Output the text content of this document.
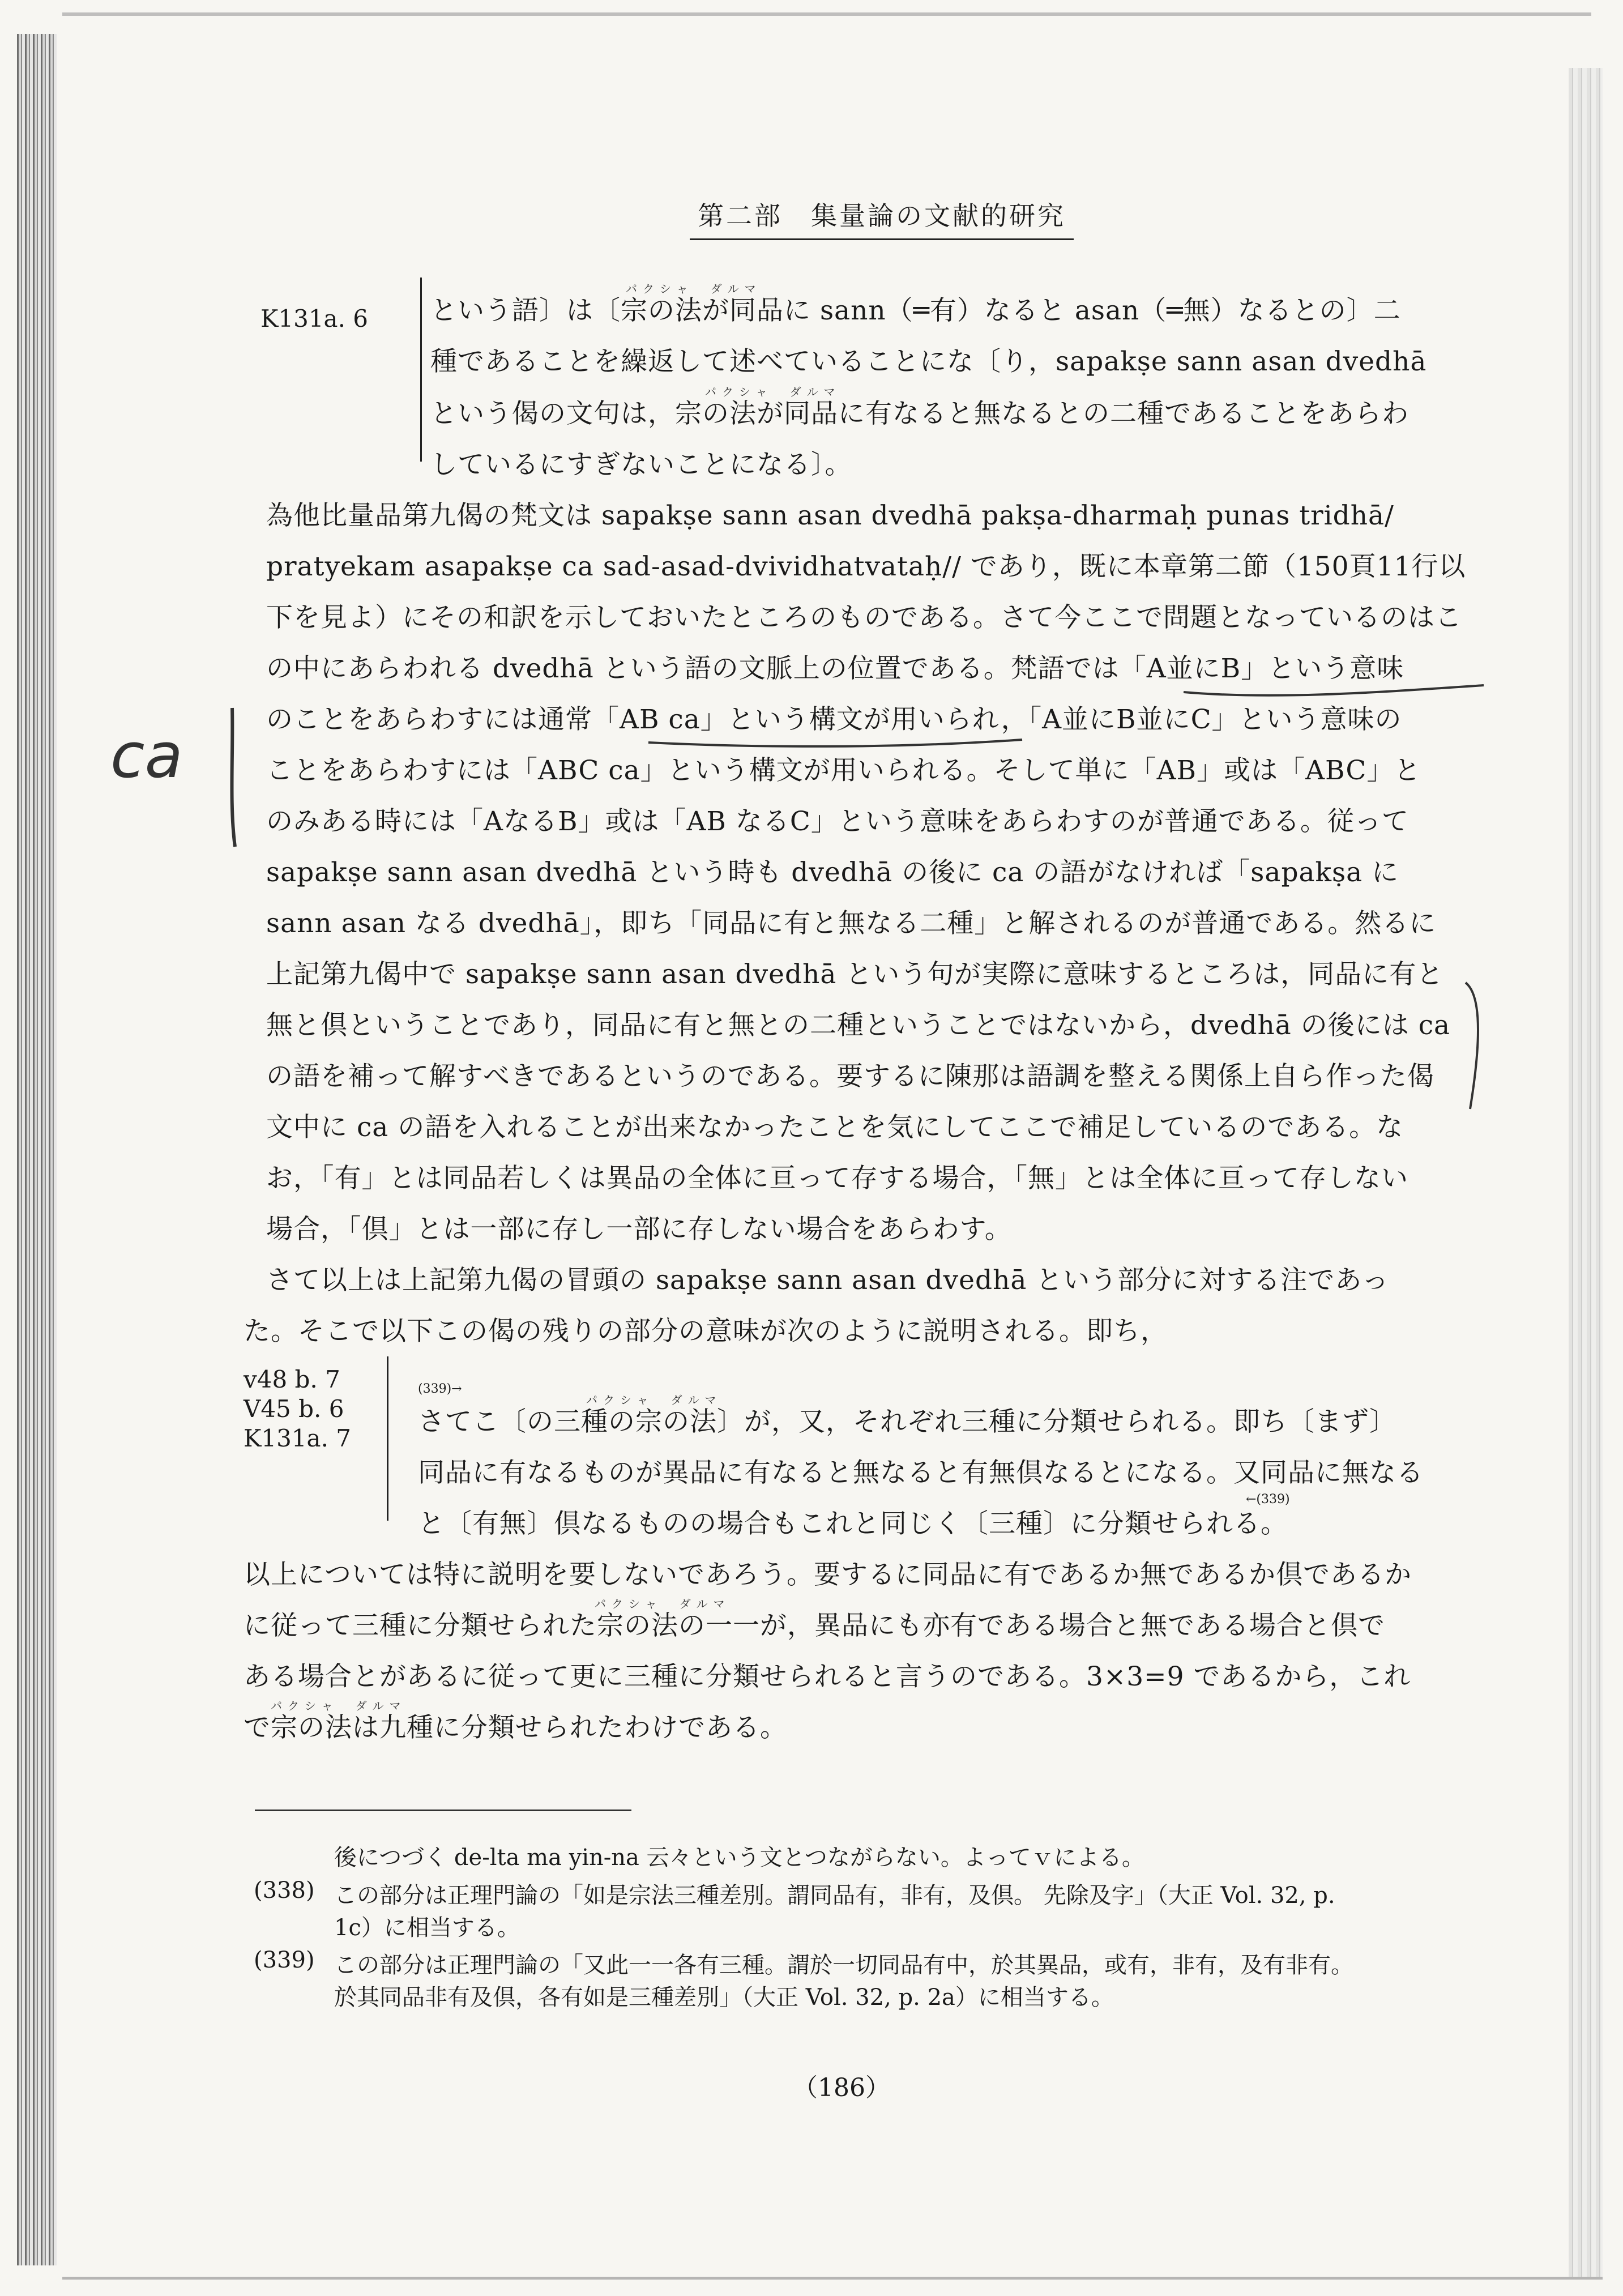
第二部　集量論の文献的研究
K131a. 6
パクシャ　ダルマ
という語〕は〔宗の法が同品に sann（═有）なると asan（═無）なるとの〕二
種であることを繰返して述べていることにな〔り，sapakṣe sann asan dvedhā
パクシャ　ダルマ
という偈の文句は，宗の法が同品に有なると無なるとの二種であることをあらわ
しているにすぎないことになる〕。
為他比量品第九偈の梵文は sapakṣe sann asan dvedhā pakṣa-dharmaḥ punas tridhā/
pratyekam asapakṣe ca sad-asad-dvividhatvataḥ// であり，既に本章第二節（150頁11行以
下を見よ）にその和訳を示しておいたところのものである。さて今ここで問題となっているのはこ
の中にあらわれる dvedhā という語の文脈上の位置である。梵語では「A並にB」という意味
のことをあらわすには通常「AB ca」という構文が用いられ，「A並にB並にC」という意味の
ことをあらわすには「ABC ca」という構文が用いられる。そして単に「AB」或は「ABC」と
のみある時には「AなるB」或は「AB なるC」という意味をあらわすのが普通である。従って
sapakṣe sann asan dvedhā という時も dvedhā の後に ca の語がなければ「sapakṣa に
sann asan なる dvedhā」，即ち「同品に有と無なる二種」と解されるのが普通である。然るに
上記第九偈中で sapakṣe sann asan dvedhā という句が実際に意味するところは，同品に有と
無と倶ということであり，同品に有と無との二種ということではないから，dvedhā の後には ca
の語を補って解すべきであるというのである。要するに陳那は語調を整える関係上自ら作った偈
文中に ca の語を入れることが出来なかったことを気にしてここで補足しているのである。な
お，「有」とは同品若しくは異品の全体に亘って存する場合，「無」とは全体に亘って存しない
場合，「倶」とは一部に存し一部に存しない場合をあらわす。
ca
さて以上は上記第九偈の冒頭の sapakṣe sann asan dvedhā という部分に対する注であっ
た。そこで以下この偈の残りの部分の意味が次のように説明される。即ち，
v48 b. 7
V45 b. 6
K131a. 7
(339)→
パクシャ　ダルマ
さてこ〔の三種の宗の法〕が，又，それぞれ三種に分類せられる。即ち〔まず〕
同品に有なるものが異品に有なると無なると有無倶なるとになる。又同品に無なる
←(339)
と〔有無〕倶なるものの場合もこれと同じく〔三種〕に分類せられる。
以上については特に説明を要しないであろう。要するに同品に有であるか無であるか倶であるか
パクシャ　ダルマ
に従って三種に分類せられた宗の法の一一が，異品にも亦有である場合と無である場合と倶で
ある場合とがあるに従って更に三種に分類せられると言うのである。3×3=9 であるから，これ
パクシャ　ダルマ
で宗の法は九種に分類せられたわけである。
後につづく de-lta ma yin-na 云々という文とつながらない。よってｖによる。
(338) この部分は正理門論の「如是宗法三種差別。謂同品有，非有，及倶。 先除及字」（大正 Vol. 32, p.
1c）に相当する。
(339) この部分は正理門論の「又此一一各有三種。謂於一切同品有中，於其異品，或有，非有，及有非有。
於其同品非有及倶，各有如是三種差別」（大正 Vol. 32, p. 2a）に相当する。
（186）
